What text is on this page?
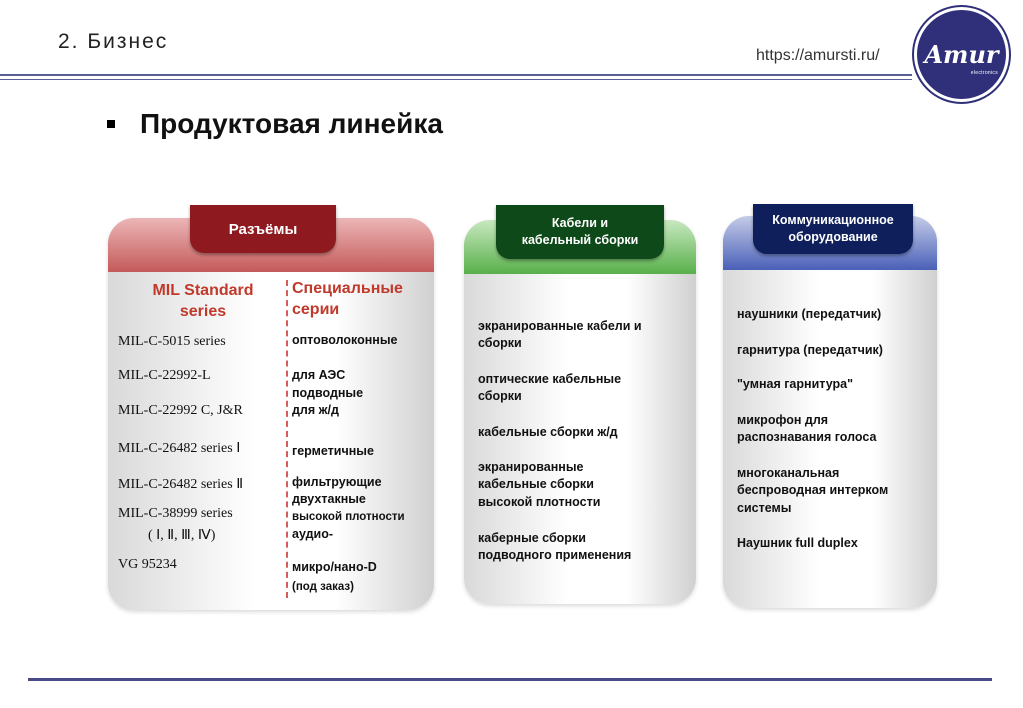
2. Бизнес
https://amursti.ru/	Amur
electronics
Продуктовая линейка
Разъёмы
MIL Standard series
Специальные серии
MIL-C-5015 series
MIL-C-22992-L
MIL-C-22992 C, J&R
MIL-C-26482 series Ⅰ
MIL-C-26482 series Ⅱ
MIL-C-38999 series
( Ⅰ, Ⅱ, Ⅲ, Ⅳ)
VG 95234
оптоволоконные
для АЭС
подводные
для ж/д
герметичные
фильтрующие
двухтакные
высокой плотности
аудио-
микро/нано-D
(под заказ)
Кабели и
кабельный сборки
экранированные кабели и
сборки
оптические кабельные
сборки
кабельные сборки ж/д
экранированные
кабельные сборки
высокой плотности
каберные сборки
подводного применения
Коммуникационное
оборудование
наушники (передатчик)
гарнитура (передатчик)
"умная гарнитура"
микрофон для
распознавания голоса
многоканальная
беспроводная интерком
системы
Наушник full duplex
